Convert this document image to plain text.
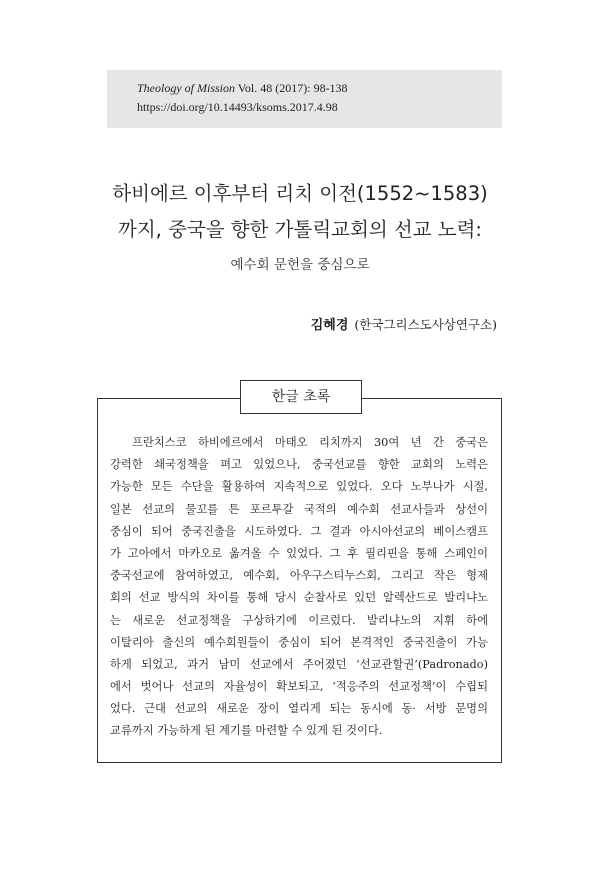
Theology of Mission Vol. 48 (2017): 98-138
https://doi.org/10.14493/ksoms.2017.4.98
하비에르 이후부터 리치 이전(1552~1583)
까지, 중국을 향한 가톨릭교회의 선교 노력:
예수회 문헌을 중심으로
김혜경 (한국그리스도사상연구소)
한글 초록
프란치스코 하비에르에서 마태오 리치까지 30여 년 간 중국은
강력한 쇄국정책을 펴고 있었으나, 중국선교를 향한 교회의 노력은
가능한 모든 수단을 활용하여 지속적으로 있었다. 오다 노부나가 시절,
일본 선교의 물꼬를 튼 포르투갈 국적의 예수회 선교사들과 상선이
중심이 되어 중국진출을 시도하였다. 그 결과 아시아선교의 베이스캠프
가 고아에서 마카오로 옮겨올 수 있었다. 그 후 필리핀을 통해 스페인이
중국선교에 참여하였고, 예수회, 아우구스티누스회, 그리고 작은 형제
회의 선교 방식의 차이를 통해 당시 순찰사로 있던 알렉산드로 발리냐노
는 새로운 선교정책을 구상하기에 이르렀다. 발리냐노의 지휘 하에
이탈리아 출신의 예수회원들이 중심이 되어 본격적인 중국진출이 가능
하게 되었고, 과거 남미 선교에서 주어졌던 ‘선교관할권’(Padronado)
에서 벗어나 선교의 자율성이 확보되고, ‘적응주의 선교정책’이 수립되
었다. 근대 선교의 새로운 장이 열리게 되는 동시에 동· 서방 문명의
교류까지 가능하게 된 계기를 마련할 수 있게 된 것이다.
